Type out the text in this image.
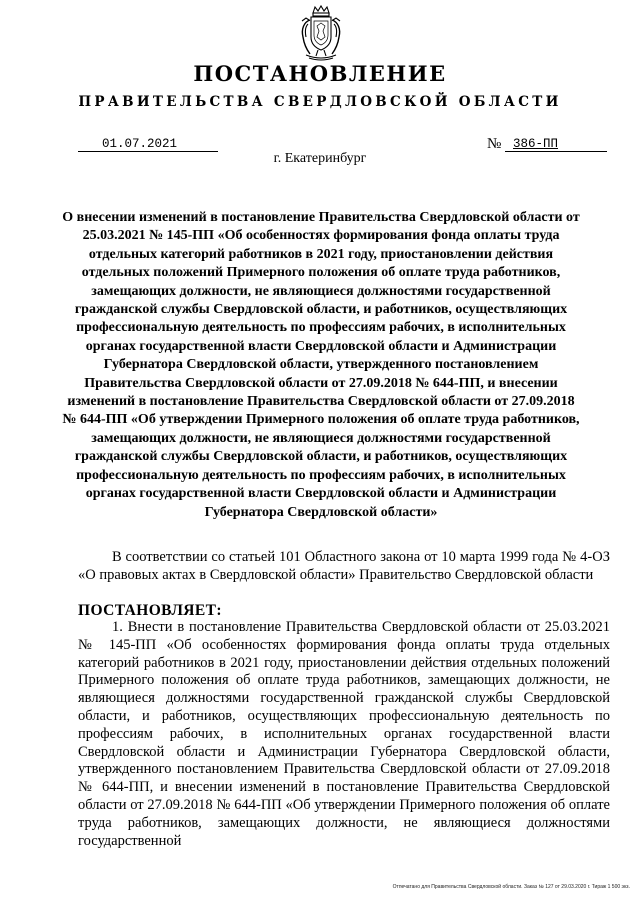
ПОСТАНОВЛЕНИЕ
ПРАВИТЕЛЬСТВА СВЕРДЛОВСКОЙ ОБЛАСТИ
01.07.2021	№ 386-ПП
г. Екатеринбург
О внесении изменений в постановление Правительства Свердловской области от 25.03.2021 № 145-ПП «Об особенностях формирования фонда оплаты труда отдельных категорий работников в 2021 году, приостановлении действия отдельных положений Примерного положения об оплате труда работников, замещающих должности, не являющиеся должностями государственной гражданской службы Свердловской области, и работников, осуществляющих профессиональную деятельность по профессиям рабочих, в исполнительных органах государственной власти Свердловской области и Администрации Губернатора Свердловской области, утвержденного постановлением Правительства Свердловской области от 27.09.2018 № 644-ПП, и внесении изменений в постановление Правительства Свердловской области от 27.09.2018 № 644-ПП «Об утверждении Примерного положения об оплате труда работников, замещающих должности, не являющиеся должностями государственной гражданской службы Свердловской области, и работников, осуществляющих профессиональную деятельность по профессиям рабочих, в исполнительных органах государственной власти Свердловской области и Администрации Губернатора Свердловской области»
В соответствии со статьей 101 Областного закона от 10 марта 1999 года № 4-ОЗ «О правовых актах в Свердловской области» Правительство Свердловской области
ПОСТАНОВЛЯЕТ:
1. Внести в постановление Правительства Свердловской области от 25.03.2021 № 145-ПП «Об особенностях формирования фонда оплаты труда отдельных категорий работников в 2021 году, приостановлении действия отдельных положений Примерного положения об оплате труда работников, замещающих должности, не являющиеся должностями государственной гражданской службы Свердловской области, и работников, осуществляющих профессиональную деятельность по профессиям рабочих, в исполнительных органах государственной власти Свердловской области и Администрации Губернатора Свердловской области, утвержденного постановлением Правительства Свердловской области от 27.09.2018 № 644-ПП, и внесении изменений в постановление Правительства Свердловской области от 27.09.2018 № 644-ПП «Об утверждении Примерного положения об оплате труда работников, замещающих должности, не являющиеся должностями государственной
Отпечатано для Правительства Свердловской области. Заказ № 127 от 29.03.2020 г. Тираж 1 500 экз.
